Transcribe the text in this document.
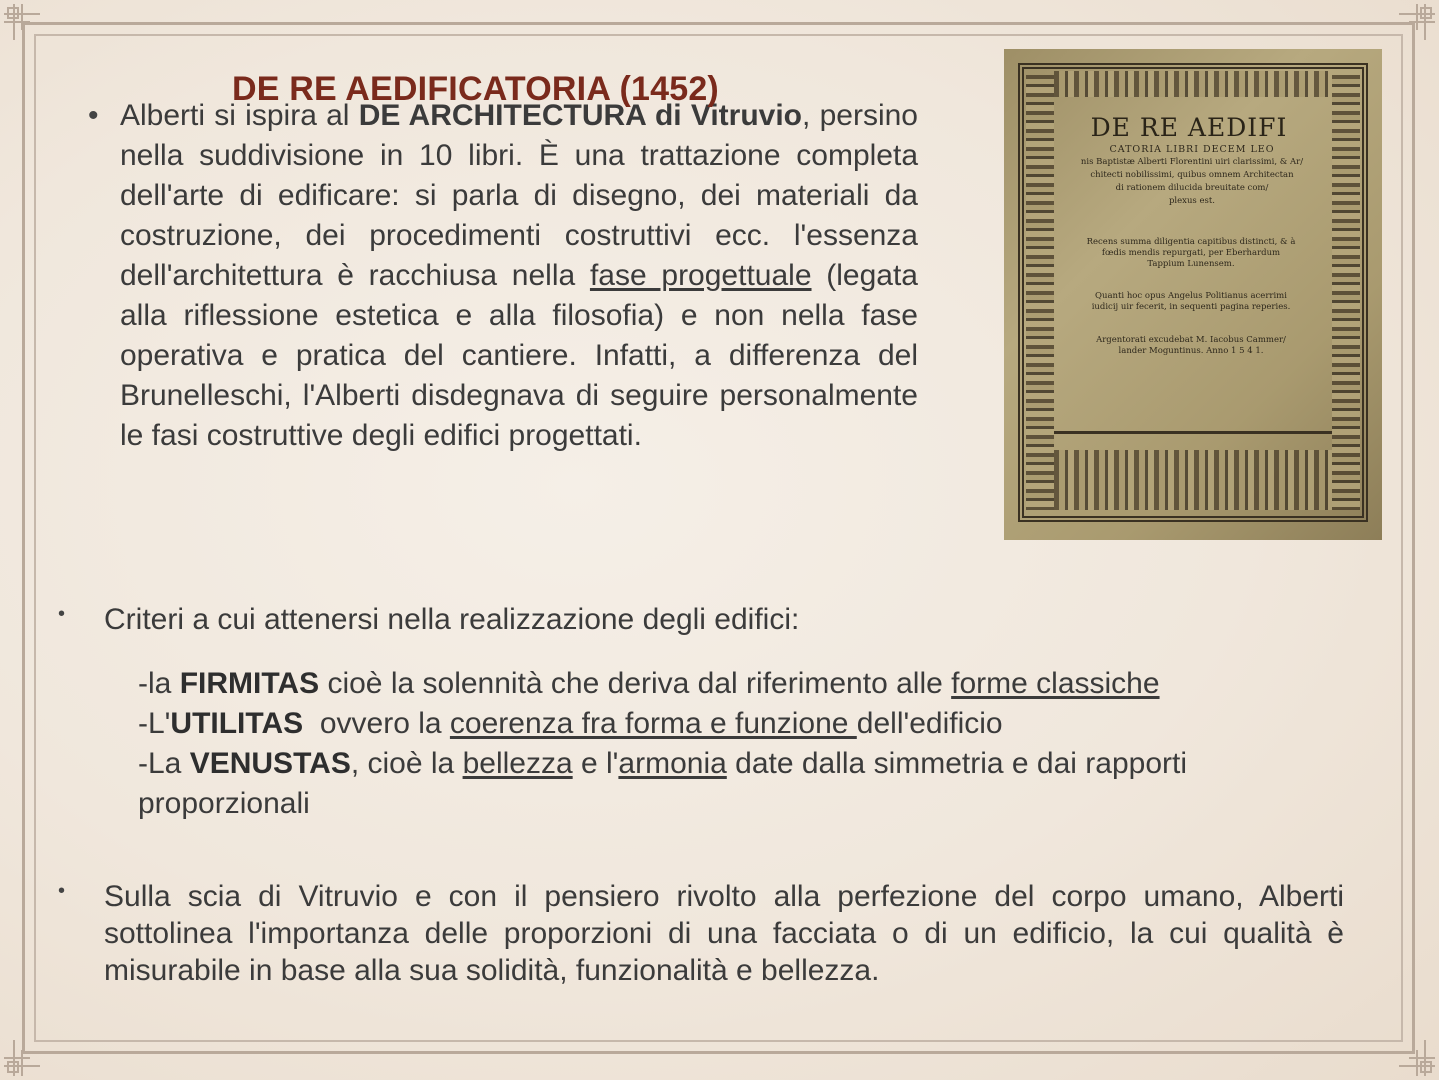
• Alberti si ispira al DE ARCHITECTURA di Vitruvio, persino nella suddivisione in 10 libri. È una trattazione completa dell'arte di edificare: si parla di disegno, dei materiali da costruzione, dei procedimenti costruttivi ecc. l'essenza dell'architettura è racchiusa nella fase progettuale (legata alla riflessione estetica e alla filosofia) e non nella fase operativa e pratica del cantiere. Infatti, a differenza del Brunelleschi, l'Alberti disdegnava di seguire personalmente le fasi costruttive degli edifici progettati.
DE RE AEDIFICATORIA (1452)
DE RE AEDIFI
CATORIA LIBRI DECEM LEO
nis Baptistæ Alberti Florentini uiri clarissimi, & Ar/
chitecti nobilissimi, quibus omnem Architectan
di rationem dilucida breuitate com/
plexus est.
Recens summa diligentia capitibus distincti, & à
fœdis mendis repurgati, per Eberhardum
Tappium Lunensem.
Quanti hoc opus Angelus Politianus acerrimi
iudicij uir fecerit, in sequenti pagina reperies.
Argentorati excudebat M. Iacobus Cammer/
lander Moguntinus. Anno 1 5 4 1.
• Criteri a cui attenersi nella realizzazione degli edifici:
-la FIRMITAS cioè la solennità che deriva dal riferimento alle forme classiche
-L'UTILITAS  ovvero la coerenza fra forma e funzione dell'edificio
-La VENUSTAS, cioè la bellezza e l'armonia date dalla simmetria e dai rapporti proporzionali
• Sulla scia di Vitruvio e con il pensiero rivolto alla perfezione del corpo umano, Alberti sottolinea l'importanza delle proporzioni di una facciata o di un edificio, la cui qualità è misurabile in base alla sua solidità, funzionalità e bellezza.
